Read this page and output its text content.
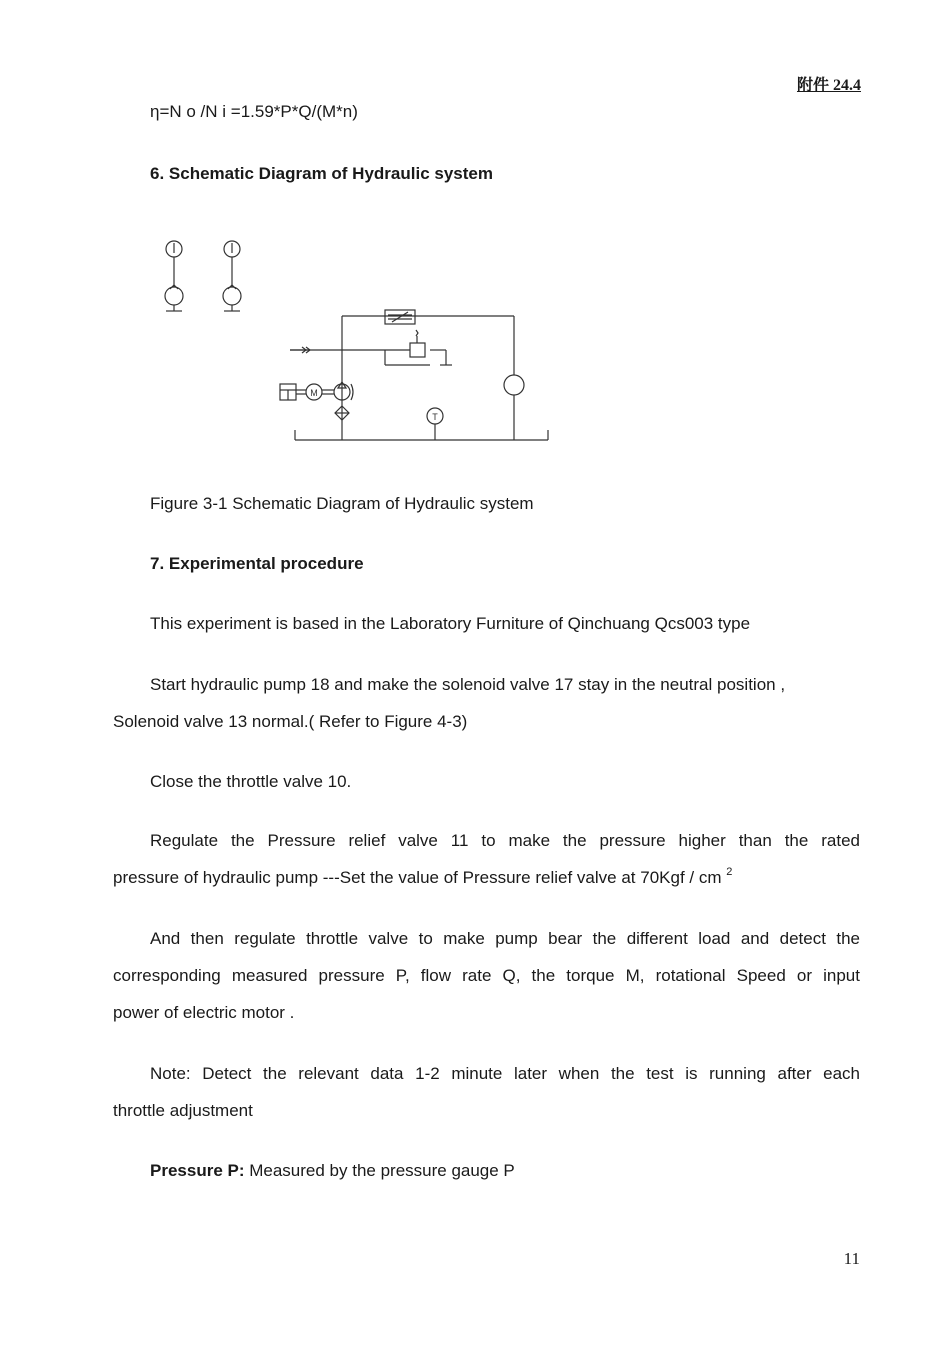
附件 24.4
η=N o /N i =1.59*P*Q/(M*n)
6. Schematic Diagram of Hydraulic system
M
T
Figure 3-1 Schematic Diagram of Hydraulic system
7. Experimental procedure
This experiment is based in the Laboratory Furniture of Qinchuang Qcs003 type
Start hydraulic pump 18 and make the solenoid valve 17 stay in the neutral position ,
Solenoid valve 13 normal.( Refer to Figure 4-3)
Close the throttle valve 10.
Regulate the Pressure relief valve 11 to make the pressure higher than the rated
pressure of hydraulic pump ---Set the value of Pressure relief valve at 70Kgf / cm $^2$
And then regulate throttle valve to make pump bear the different load and detect the
corresponding measured pressure P, flow rate Q, the torque M, rotational Speed or input
power of electric motor .
Note: Detect the relevant data 1-2 minute later when the test is running after each
throttle adjustment
Pressure P: Measured by the pressure gauge P
11
